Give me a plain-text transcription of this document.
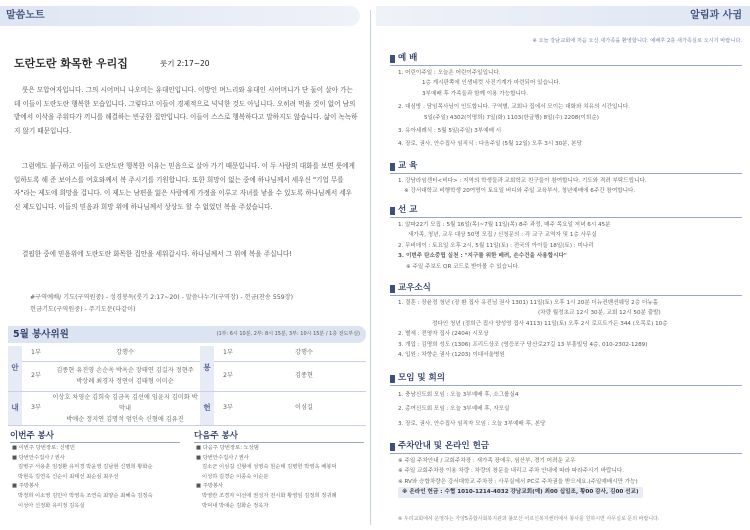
말씀노트
도란도란 화목한 우리집	룻기 2:17~20
룻은 모압여자입니다. 그의 시어머니 나오미는 유대인입니다. 이방인 며느리와 유대인 시어머니가 단 둘이 살아 가는데 이들이 도란도란 행복한 모습입니다. 그렇다고 이들이 경제적으로 넉넉한 것도 아닙니다. 오히려 먹을 것이 없어 남의 밭에서 이삭을 주워다가 끼니를 해결하는 빈궁한 집안입니다. 이들이 스스로 행복하다고 말하지도 않습니다. 삶이 녹녹하지 않기 때문입니다.
그럼에도 불구하고 이들이 도란도란 행복한 이유는 믿음으로 살아 가기 때문입니다. 이 두 사람의 대화를 보면 룻에게 일하도록 해 준 보아스를 여호와께서 복 주시기를 기원합니다. 또한 희망이 없는 중에 하나님께서 세우신 "기업 무를 자"라는 제도에 희망을 겁니다. 이 제도는 남편을 잃은 사람에게 가정을 이루고 자녀를 낳을 수 있도록 하나님께서 세우신 제도입니다. 이들의 믿음과 희망 위에 하나님께서 상상도 할 수 없었던 복을 주셨습니다.
결핍한 중에 믿음위에 도란도란 화목한 집안을 세워갑시다. 하나님께서 그 위에 복을 주십니다!
#구역예배/ 기도(구역원중) - 성경봉독(룻기 2:17~20) - 말씀나누기(구역장) - 헌금(찬송 559장)
헌금기도(구역원중) - 주기도문(다같이)
5월 봉사위원	(1부: 6시 10분, 2부: 8시 15분, 3부: 10시 15분 / 1층 전도부실)
안	1부	강행수	봉	1부	강행수
	2부	김종현 유진영 손순옥 박옥순 장태연 김길자 정현주
박상례 최경자 정연이 김태형 이미순		2부	김종현
내	3부	이상호 차영순 김희숙 김금옥 김선애 임윤지 김미화 박막내
박애순 정지연 김명석 엄인숙 신형애 김유진	헌	3부	이심길
이번주 봉사
■ 이번주 당번장로: 신병민
■ 당번안수집사 / 권사
김병구 서용훈 임정환 유미경 박윤영 김남현 신명희 황화순
박현옥 김연옥 신순이 최태선 최순심 최우선
■ 주방봉사
박정희 이소영 김민아 박영옥 조연숙 최양순 최혜숙 김정숙
이성아 신정화 유미정 김옥실
다음주 봉사
■ 다음주 당번장로: 노상범
■ 당번안수집사 / 권사
김소군 이심길 신형애 성영숙 원순태 김병헌 박영옥 배봉덕
이성하 김경순 이종숙 이순분
■ 주방봉사
박영란 조경자 이선애 권성자 전시화 황영임 김정희 정귀례
박덕내 박애순 김화순 정옥자
알림과 사귐
※ 오늘 강남교회에 처음 오신 새가족을 환영합니다. 예배후 2층 새가족실로 오시기 바랍니다.
예 배
1. 어린이주일 : 오늘은 어린이주일입니다.
1층 게시판쪽에 인생네컷 사진기계가 마련되어 있습니다.
3부예배 후 가족들과 함께 이용 가능합니다.
2. 대심방 : 담임목사님이 인도합니다. 구역별, 교회나 집에서 모이는 대화와 치유의 시간입니다.
5일(주일) 4302(이명희) 7일(화) 1103(한금행) 8일(수) 2208(이희순)
3. 유아세례식 : 5월 5일(주일) 3부예배 시
4. 장로, 권사, 안수집사 임직식 : 다음주일 (5월 12일) 오후 3시 30분, 본당
교 육
1. 강남라임센터<비다> : 지역의 학생들과 교회학교 친구들이 참여합니다. 기도와 격려 부탁드립니다.
※ 강서대학교 비행학생 20여명이 토요일 버디와 주일 교육부서, 청년예배에 6주간 참여합니다.
선 교
1. 알파22기 모집 : 5월 16일(목)~7월 11일(목) 8주 과정, 매주 목요일 저녁 6시 45분
새가족, 청년, 교우 대상 50명 모집 / 신청문의 : 각 교구 교역자 및 1층 사무실
2. 무비데이 : 토요일 오후 2시, 5월 11일(토) : 전국의 아이들 18일(토) : 미나리
3. 이번주 탄소중립 실천 : "지구를 위한 배려, 손수건을 사용합시다"
※ 주일 주보도 QR 코드로 받아볼 수 있습니다.
교우소식
1. 결혼 : 장윤정 청년 (장 환 집사 유진님 권사 1301) 11일(토) 오후 1시 20분 더뉴컨벤션웨딩 2층 더뉴홀
(차량 월정초교 12시 30분, 교회 12시 50분 출발)
정다인 청년 (정희근 집사 양성영 집사 4113) 11일(토) 오후 2시 로프트가든 344 (오목로) 10층
2. 별세 : 전영자 집사 (2404) 시모상
3. 개업 : 김명희 성도 (1306) 프리드상조 (영등포구 당산로27길 13 부흥빌딩 4층, 010-2302-1289)
4. 입원 : 차향순 권사 (1203) 이대서울병원
모임 및 회의
1. 충남신도회 모임 : 오늘 3부예배 후, 소그룹실4
2. 총여신도회 모임 : 오늘 3부예배 후, 자모실
3. 장로, 권사, 안수집사 임직자 모임 : 오늘 3부예배 후, 본당
주차안내 및 온라인 헌금
※ 주일 주차안내 / 교회주차장 : 새가족 장애우, 임산부, 경기 어려운 교우
※ 주일 교회주차장 이용 차량 : 차량의 창문을 내리고 주차 안내에 따라 따라주시기 바랍니다.
※ RV와 승합차량은 강서대학교 주차장 : 사무실에서 PC로 주차권을 받으세요.(주일예배시만 가능)
※ 온라인 헌금 : 수협 1010-1214-4032 강남교회(예) 최00 십일조, 황00 감사, 김00 선교)
※ 우리교회에서 운영하는 가양5종합사회복지관과 불모산 어르신복지센터에서 봉사를 원하시면 사무실로 문의 바랍니다.
